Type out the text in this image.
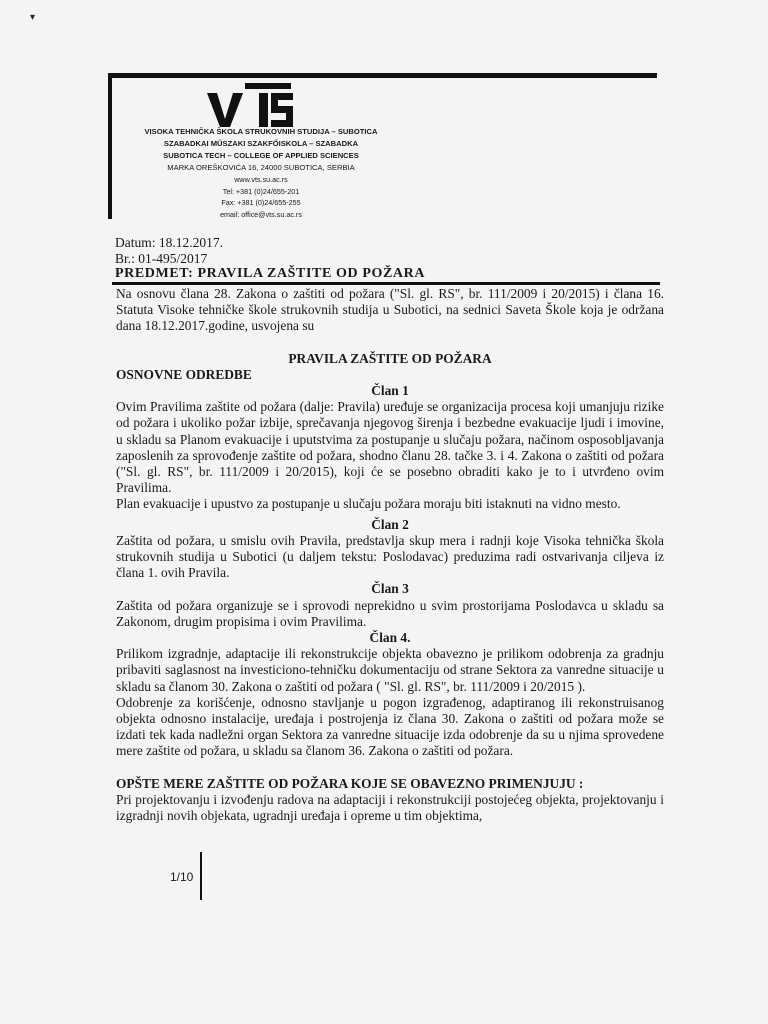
▾
VISOKA TEHNIČKA ŠKOLA STRUKOVNIH STUDIJA – SUBOTICA
SZABADKAI MŰSZAKI SZAKFŐISKOLA – SZABADKA
SUBOTICA TECH – COLLEGE OF APPLIED SCIENCES
MARKA OREŠKOVIĆA 16, 24000 SUBOTICA, SERBIA
www.vts.su.ac.rs
Tel: +381 (0)24/655-201
Fax: +381 (0)24/655-255
email: office@vts.su.ac.rs
Datum: 18.12.2017.
Br.: 01-495/2017
PREDMET: PRAVILA ZAŠTITE OD POŽARA

Na osnovu člana 28. Zakona o zaštiti od požara ("Sl. gl. RS", br. 111/2009 i 20/2015) i člana 16. Statuta Visoke tehničke škole strukovnih studija u Subotici, na sednici Saveta Škole koja je održana dana 18.12.2017.godine, usvojena su

PRAVILA ZAŠTITE OD POŽARA

OSNOVNE ODREDBE

Član 1

Ovim Pravilima zaštite od požara (dalje: Pravila) uređuje se organizacija procesa koji umanjuju rizike od požara i ukoliko požar izbije, sprečavanja njegovog širenja i bezbedne evakuacije ljudi i imovine, u skladu sa Planom evakuacije i uputstvima za postupanje u slučaju požara, načinom osposobljavanja zaposlenih za sprovođenje zaštite od požara, shodno članu 28. tačke 3. i 4. Zakona o zaštiti od požara ("Sl. gl. RS", br. 111/2009 i 20/2015), koji će se posebno obraditi kako je to i utvrđeno ovim Pravilima.

Plan evakuacije i upustvo za postupanje u slučaju požara moraju biti istaknuti na vidno mesto.

Član 2

Zaštita od požara, u smislu ovih Pravila, predstavlja skup mera i radnji koje Visoka tehnička škola strukovnih studija u Subotici (u daljem tekstu: Poslodavac) preduzima radi ostvarivanja ciljeva iz člana 1. ovih Pravila.

Član 3

Zaštita od požara organizuje se i sprovodi neprekidno u svim prostorijama Poslodavca u skladu sa Zakonom, drugim propisima i ovim Pravilima.

Član 4.

Prilikom izgradnje, adaptacije ili rekonstrukcije objekta obavezno je prilikom odobrenja za gradnju pribaviti saglasnost na investiciono-tehničku dokumentaciju od strane Sektora za vanredne situacije u skladu sa članom 30. Zakona o zaštiti od požara ( "Sl. gl. RS", br. 111/2009 i 20/2015 ).

Odobrenje za korišćenje, odnosno stavljanje u pogon izgrađenog, adaptiranog ili rekonstruisanog objekta odnosno instalacije, uređaja i postrojenja iz člana 30. Zakona o zaštiti od požara može se izdati tek kada nadležni organ Sektora za vanredne situacije izda odobrenje da su u njima sprovedene mere zaštite od požara, u skladu sa članom 36. Zakona o zaštiti od požara.

OPŠTE MERE ZAŠTITE OD POŽARA KOJE SE OBAVEZNO PRIMENJUJU :

Pri projektovanju i izvođenju radova na adaptaciji i rekonstrukciji postojećeg objekta, projektovanju i izgradnji novih objekata, ugradnji uređaja i opreme u tim objektima,

1/10
